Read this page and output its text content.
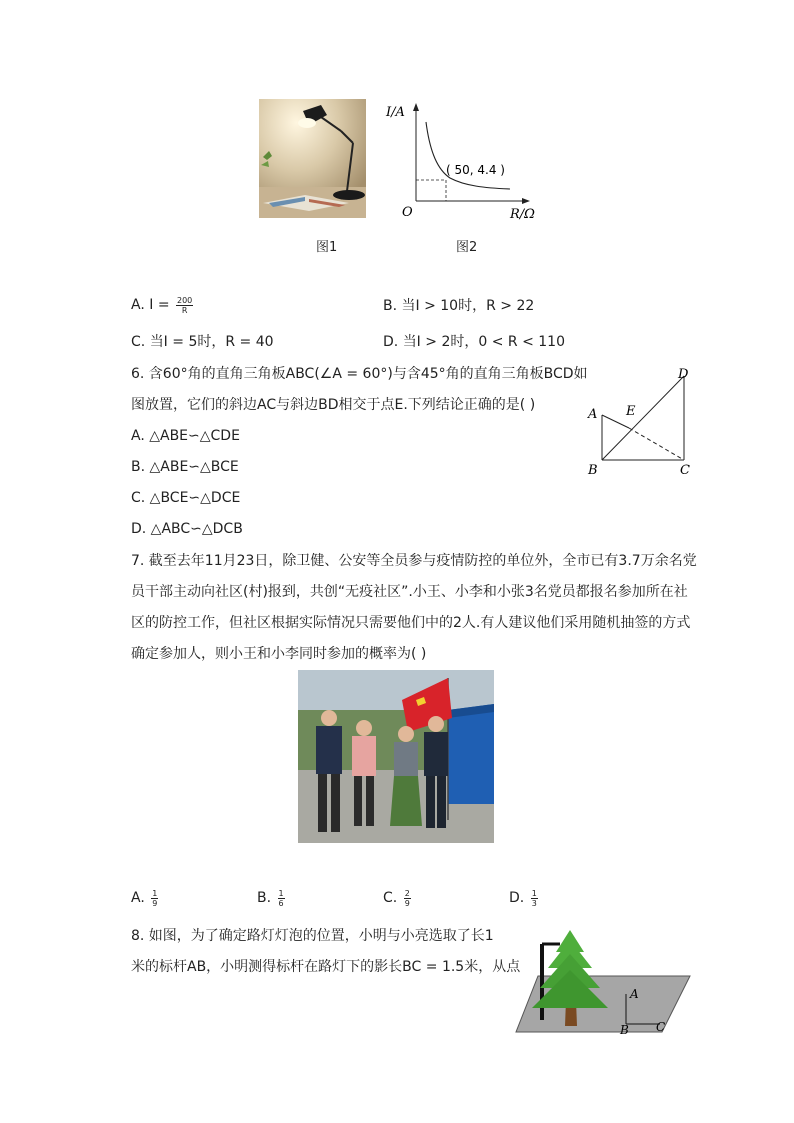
图1
I/A
R/Ω
O
( 50, 4.4 )
图2
A. $I = \frac{200}{R}$	B. 当I > 10时，R > 22
C. 当I = 5时，R = 40	D. 当I > 2时，0 < R < 110
6. 含60°角的直角三角板ABC(∠A = 60°)与含45°角的直角三角板BCD如
图放置，它们的斜边AC与斜边BD相交于点E.下列结论正确的是( )
A. △ABE∽△CDE
B. △ABE∽△BCE
C. △BCE∽△DCE
D. △ABC∽△DCB
D
A E
B	C
7. 截至去年11月23日，除卫健、公安等全员参与疫情防控的单位外，全市已有3.7万余名党
员干部主动向社区(村)报到，共创“无疫社区”.小王、小李和小张3名党员都报名参加所在社
区的防控工作，但社区根据实际情况只需要他们中的2人.有人建议他们采用随机抽签的方式
确定参加人，则小王和小李同时参加的概率为( )
A. $\frac{1}{9}$	B. $\frac{1}{6}$	C. $\frac{2}{9}$	D. $\frac{1}{3}$
8. 如图，为了确定路灯灯泡的位置，小明与小亮选取了长1
米的标杆AB，小明测得标杆在路灯下的影长BC = 1.5米，从点
A
B C
